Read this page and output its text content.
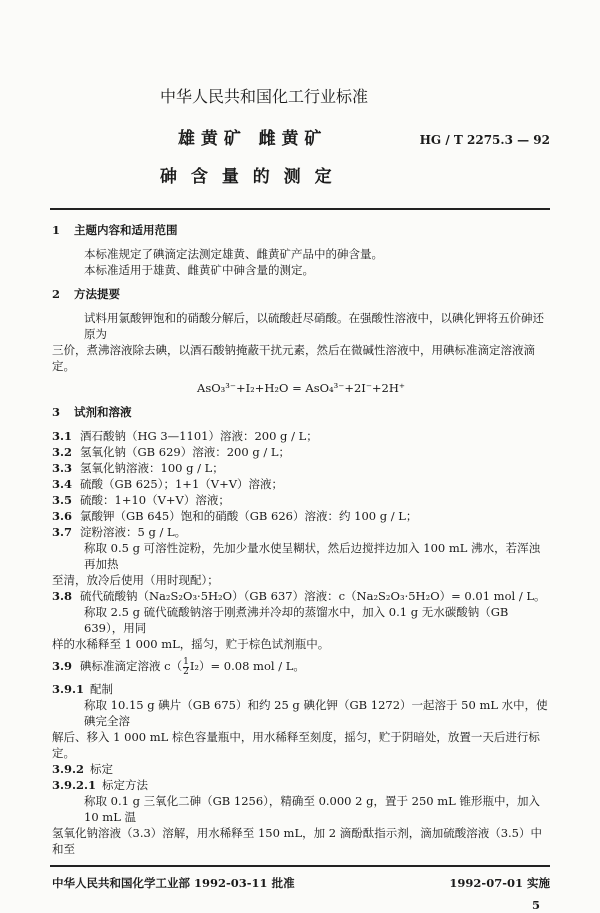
中华人民共和国化工行业标准
雄 黄 矿   雌 黄 矿	HG / T 2275.3 — 92
砷 含 量 的 测 定
1 主题内容和适用范围
本标准规定了碘滴定法测定雄黄、雌黄矿产品中的砷含量。
本标准适用于雄黄、雌黄矿中砷含量的测定。
2 方法提要
试料用氯酸钾饱和的硝酸分解后，以硫酸赶尽硝酸。在强酸性溶液中，以碘化钾将五价砷还原为
三价，煮沸溶液除去碘，以酒石酸钠掩蔽干扰元素，然后在微碱性溶液中，用碘标准滴定溶液滴定。
AsO₃³⁻+I₂+H₂O = AsO₄³⁻+2I⁻+2H⁺
3 试剂和溶液
3.1 酒石酸钠（HG 3—1101）溶液：200 g / L；
3.2 氢氧化钠（GB 629）溶液：200 g / L；
3.3 氢氧化钠溶液：100 g / L；
3.4 硫酸（GB 625）；1+1（V+V）溶液；
3.5 硫酸：1+10（V+V）溶液；
3.6 氯酸钾（GB 645）饱和的硝酸（GB 626）溶液：约 100 g / L；
3.7 淀粉溶液：5 g / L。
称取 0.5 g 可溶性淀粉，先加少量水使呈糊状，然后边搅拌边加入 100 mL 沸水，若浑浊再加热
至清，放冷后使用（用时现配）；
3.8 硫代硫酸钠（Na₂S₂O₃·5H₂O）（GB 637）溶液：c（Na₂S₂O₃·5H₂O）= 0.01 mol / L。
称取 2.5 g 硫代硫酸钠溶于刚煮沸并冷却的蒸馏水中，加入 0.1 g 无水碳酸钠（GB 639），用同
样的水稀释至 1 000 mL，摇匀，贮于棕色试剂瓶中。
3.9 碘标准滴定溶液 $c( \frac{1}{2} I_2)= 0.08$ mol / L。
3.9.1 配制
称取 10.15 g 碘片（GB 675）和约 25 g 碘化钾（GB 1272）一起溶于 50 mL 水中，使碘完全溶
解后、移入 1 000 mL 棕色容量瓶中，用水稀释至刻度，摇匀，贮于阴暗处，放置一天后进行标定。
3.9.2 标定
3.9.2.1 标定方法
称取 0.1 g 三氧化二砷（GB 1256），精确至 0.000 2 g，置于 250 mL 锥形瓶中，加入 10 mL 温
氢氧化钠溶液（3.3）溶解，用水稀释至 150 mL，加 2 滴酚酞指示剂，滴加硫酸溶液（3.5）中和至
中华人民共和国化学工业部 1992-03-11 批准	1992-07-01 实施
5
